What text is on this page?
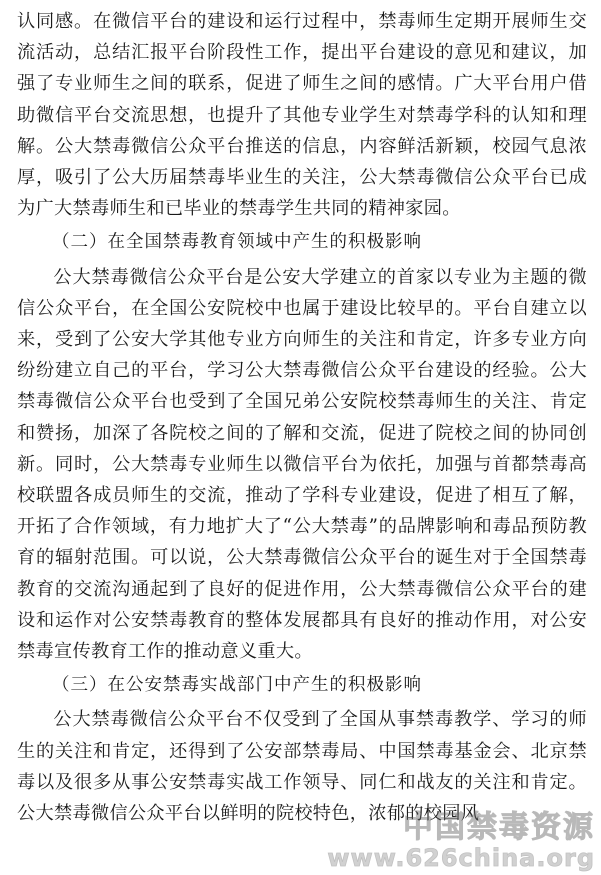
认同感。在微信平台的建设和运行过程中，禁毒师生定期开展师生交流活动，总结汇报平台阶段性工作，提出平台建设的意见和建议，加强了专业师生之间的联系，促进了师生之间的感情。广大平台用户借助微信平台交流思想，也提升了其他专业学生对禁毒学科的认知和理解。公大禁毒微信公众平台推送的信息，内容鲜活新颖，校园气息浓厚，吸引了公大历届禁毒毕业生的关注，公大禁毒微信公众平台已成为广大禁毒师生和已毕业的禁毒学生共同的精神家园。

（二）在全国禁毒教育领域中产生的积极影响

公大禁毒微信公众平台是公安大学建立的首家以专业为主题的微信公众平台，在全国公安院校中也属于建设比较早的。平台自建立以来，受到了公安大学其他专业方向师生的关注和肯定，许多专业方向纷纷建立自己的平台，学习公大禁毒微信公众平台建设的经验。公大禁毒微信公众平台也受到了全国兄弟公安院校禁毒师生的关注、肯定和赞扬，加深了各院校之间的了解和交流，促进了院校之间的协同创新。同时，公大禁毒专业师生以微信平台为依托，加强与首都禁毒高校联盟各成员师生的交流，推动了学科专业建设，促进了相互了解，开拓了合作领域，有力地扩大了“公大禁毒”的品牌影响和毒品预防教育的辐射范围。可以说，公大禁毒微信公众平台的诞生对于全国禁毒教育的交流沟通起到了良好的促进作用，公大禁毒微信公众平台的建设和运作对公安禁毒教育的整体发展都具有良好的推动作用，对公安禁毒宣传教育工作的推动意义重大。

（三）在公安禁毒实战部门中产生的积极影响

公大禁毒微信公众平台不仅受到了全国从事禁毒教学、学习的师生的关注和肯定，还得到了公安部禁毒局、中国禁毒基金会、北京禁毒以及很多从事公安禁毒实战工作领导、同仁和战友的关注和肯定。公大禁毒微信公众平台以鲜明的院校特色，浓郁的校园风

中国禁毒资源
www.626china.org
